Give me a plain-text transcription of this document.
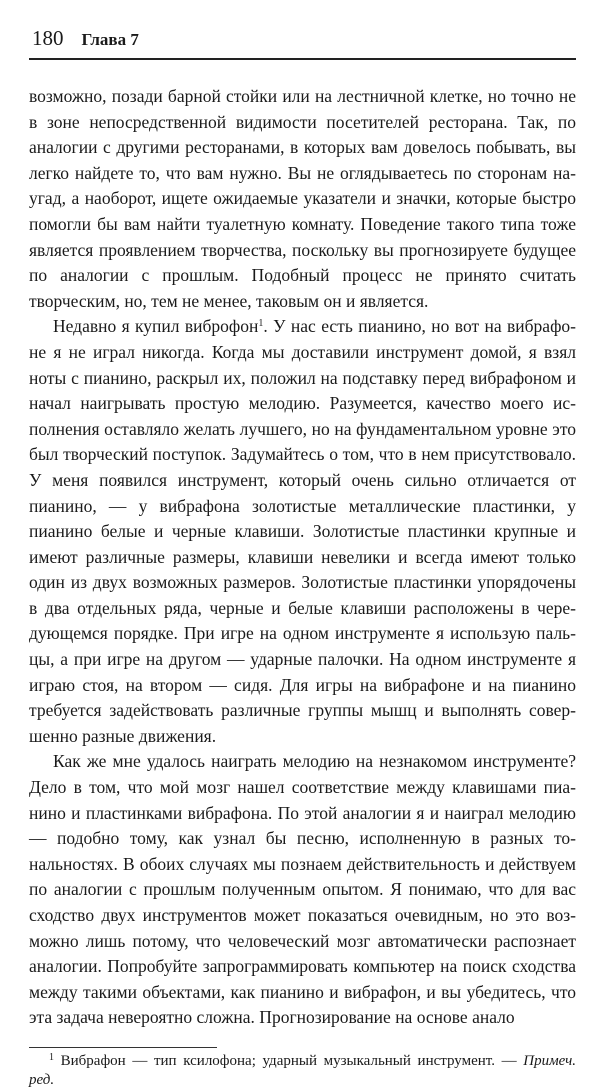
180 Глава 7

возможно, позади барной стойки или на лестничной клетке, но точно не в зоне непосредственной видимости посетителей ресторана. Так, по аналогии с другими ресторанами, в которых вам довелось побывать, вы легко найдете то, что вам нужно. Вы не оглядываетесь по сторонам наугад, а наоборот, ищете ожидаемые указатели и значки, которые быстро помогли бы вам найти туалетную комнату. Поведение такого типа тоже является проявлением творчества, поскольку вы прогнозируете будущее по аналогии с прошлым. Подобный процесс не принято считать творческим, но, тем не менее, таковым он и является.

Недавно я купил виброфон$^1$. У нас есть пианино, но вот на вибрафоне я не играл никогда. Когда мы доставили инструмент домой, я взял ноты с пианино, раскрыл их, положил на подставку перед вибрафоном и начал наигрывать простую мелодию. Разумеется, качество моего исполнения оставляло желать лучшего, но на фундаментальном уровне это был творческий поступок. Задумайтесь о том, что в нем присутствовало. У меня появился инструмент, который очень сильно отличается от пианино, — у вибрафона золотистые металлические пластинки, у пианино белые и черные клавиши. Золотистые пластинки крупные и имеют различные размеры, клавиши невелики и всегда имеют только один из двух возможных размеров. Золотистые пластинки упорядочены в два отдельных ряда, черные и белые клавиши расположены в чередующемся порядке. При игре на одном инструменте я использую пальцы, а при игре на другом — ударные палочки. На одном инструменте я играю стоя, на втором — сидя. Для игры на вибрафоне и на пианино требуется задействовать различные группы мышц и выполнять совершенно разные движения.

Как же мне удалось наиграть мелодию на незнакомом инструменте? Дело в том, что мой мозг нашел соответствие между клавишами пианино и пластинками вибрафона. По этой аналогии я и наиграл мелодию — подобно тому, как узнал бы песню, исполненную в разных тональностях. В обоих случаях мы познаем действительность и действуем по аналогии с прошлым полученным опытом. Я понимаю, что для вас сходство двух инструментов может показаться очевидным, но это возможно лишь потому, что человеческий мозг автоматически распознает аналогии. Попробуйте запрограммировать компьютер на поиск сходства между такими объектами, как пианино и вибрафон, и вы убедитесь, что эта задача невероятно сложна. Прогнозирование на основе анало

$^1$ Вибрафон — тип ксилофона; ударный музыкальный инструмент. — Примеч. ред.
